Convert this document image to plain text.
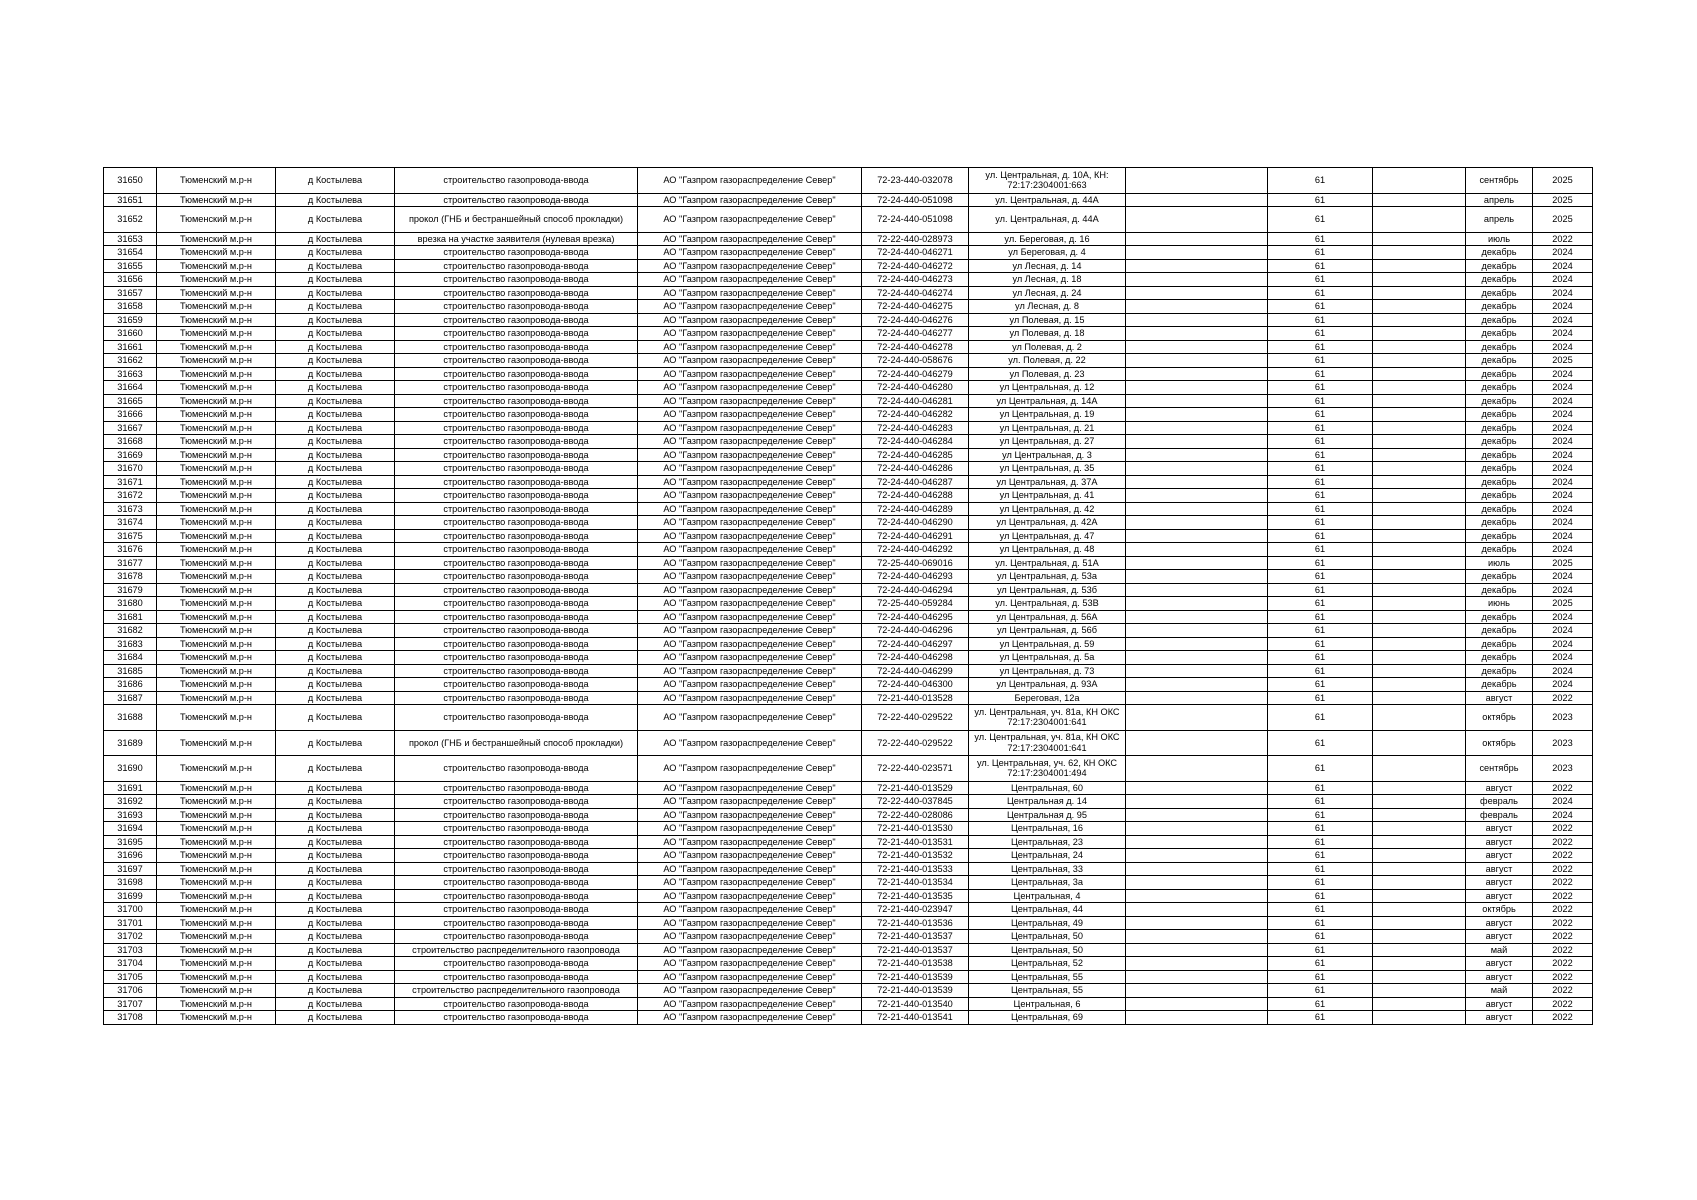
31650	Тюменский м.р-н	д Костылева	строительство газопровода-ввода	АО "Газпром газораспределение Север"	72-23-440-032078	ул. Центральная, д. 10А, КН: 72:17:2304001:663		61		сентябрь	2025
31651	Тюменский м.р-н	д Костылева	строительство газопровода-ввода	АО "Газпром газораспределение Север"	72-24-440-051098	ул. Центральная, д. 44А		61		апрель	2025
31652	Тюменский м.р-н	д Костылева	прокол (ГНБ и бестраншейный способ прокладки)	АО "Газпром газораспределение Север"	72-24-440-051098	ул. Центральная, д. 44А		61		апрель	2025
31653	Тюменский м.р-н	д Костылева	врезка на участке заявителя (нулевая врезка)	АО "Газпром газораспределение Север"	72-22-440-028973	ул. Береговая, д. 16		61		июль	2022
31654	Тюменский м.р-н	д Костылева	строительство газопровода-ввода	АО "Газпром газораспределение Север"	72-24-440-046271	ул Береговая, д. 4		61		декабрь	2024
31655	Тюменский м.р-н	д Костылева	строительство газопровода-ввода	АО "Газпром газораспределение Север"	72-24-440-046272	ул Лесная, д. 14		61		декабрь	2024
31656	Тюменский м.р-н	д Костылева	строительство газопровода-ввода	АО "Газпром газораспределение Север"	72-24-440-046273	ул Лесная, д. 18		61		декабрь	2024
31657	Тюменский м.р-н	д Костылева	строительство газопровода-ввода	АО "Газпром газораспределение Север"	72-24-440-046274	ул Лесная, д. 24		61		декабрь	2024
31658	Тюменский м.р-н	д Костылева	строительство газопровода-ввода	АО "Газпром газораспределение Север"	72-24-440-046275	ул Лесная, д. 8		61		декабрь	2024
31659	Тюменский м.р-н	д Костылева	строительство газопровода-ввода	АО "Газпром газораспределение Север"	72-24-440-046276	ул Полевая, д. 15		61		декабрь	2024
31660	Тюменский м.р-н	д Костылева	строительство газопровода-ввода	АО "Газпром газораспределение Север"	72-24-440-046277	ул Полевая, д. 18		61		декабрь	2024
31661	Тюменский м.р-н	д Костылева	строительство газопровода-ввода	АО "Газпром газораспределение Север"	72-24-440-046278	ул Полевая, д. 2		61		декабрь	2024
31662	Тюменский м.р-н	д Костылева	строительство газопровода-ввода	АО "Газпром газораспределение Север"	72-24-440-058676	ул. Полевая, д. 22		61		декабрь	2025
31663	Тюменский м.р-н	д Костылева	строительство газопровода-ввода	АО "Газпром газораспределение Север"	72-24-440-046279	ул Полевая, д. 23		61		декабрь	2024
31664	Тюменский м.р-н	д Костылева	строительство газопровода-ввода	АО "Газпром газораспределение Север"	72-24-440-046280	ул Центральная, д. 12		61		декабрь	2024
31665	Тюменский м.р-н	д Костылева	строительство газопровода-ввода	АО "Газпром газораспределение Север"	72-24-440-046281	ул Центральная, д. 14А		61		декабрь	2024
31666	Тюменский м.р-н	д Костылева	строительство газопровода-ввода	АО "Газпром газораспределение Север"	72-24-440-046282	ул Центральная, д. 19		61		декабрь	2024
31667	Тюменский м.р-н	д Костылева	строительство газопровода-ввода	АО "Газпром газораспределение Север"	72-24-440-046283	ул Центральная, д. 21		61		декабрь	2024
31668	Тюменский м.р-н	д Костылева	строительство газопровода-ввода	АО "Газпром газораспределение Север"	72-24-440-046284	ул Центральная, д. 27		61		декабрь	2024
31669	Тюменский м.р-н	д Костылева	строительство газопровода-ввода	АО "Газпром газораспределение Север"	72-24-440-046285	ул Центральная, д. 3		61		декабрь	2024
31670	Тюменский м.р-н	д Костылева	строительство газопровода-ввода	АО "Газпром газораспределение Север"	72-24-440-046286	ул Центральная, д. 35		61		декабрь	2024
31671	Тюменский м.р-н	д Костылева	строительство газопровода-ввода	АО "Газпром газораспределение Север"	72-24-440-046287	ул Центральная, д. 37А		61		декабрь	2024
31672	Тюменский м.р-н	д Костылева	строительство газопровода-ввода	АО "Газпром газораспределение Север"	72-24-440-046288	ул Центральная, д. 41		61		декабрь	2024
31673	Тюменский м.р-н	д Костылева	строительство газопровода-ввода	АО "Газпром газораспределение Север"	72-24-440-046289	ул Центральная, д. 42		61		декабрь	2024
31674	Тюменский м.р-н	д Костылева	строительство газопровода-ввода	АО "Газпром газораспределение Север"	72-24-440-046290	ул Центральная, д. 42А		61		декабрь	2024
31675	Тюменский м.р-н	д Костылева	строительство газопровода-ввода	АО "Газпром газораспределение Север"	72-24-440-046291	ул Центральная, д. 47		61		декабрь	2024
31676	Тюменский м.р-н	д Костылева	строительство газопровода-ввода	АО "Газпром газораспределение Север"	72-24-440-046292	ул Центральная, д. 48		61		декабрь	2024
31677	Тюменский м.р-н	д Костылева	строительство газопровода-ввода	АО "Газпром газораспределение Север"	72-25-440-069016	ул. Центральная, д. 51А		61		июль	2025
31678	Тюменский м.р-н	д Костылева	строительство газопровода-ввода	АО "Газпром газораспределение Север"	72-24-440-046293	ул Центральная, д. 53а		61		декабрь	2024
31679	Тюменский м.р-н	д Костылева	строительство газопровода-ввода	АО "Газпром газораспределение Север"	72-24-440-046294	ул Центральная, д. 53б		61		декабрь	2024
31680	Тюменский м.р-н	д Костылева	строительство газопровода-ввода	АО "Газпром газораспределение Север"	72-25-440-059284	ул. Центральная, д. 53В		61		июнь	2025
31681	Тюменский м.р-н	д Костылева	строительство газопровода-ввода	АО "Газпром газораспределение Север"	72-24-440-046295	ул Центральная, д. 56А		61		декабрь	2024
31682	Тюменский м.р-н	д Костылева	строительство газопровода-ввода	АО "Газпром газораспределение Север"	72-24-440-046296	ул Центральная, д. 56б		61		декабрь	2024
31683	Тюменский м.р-н	д Костылева	строительство газопровода-ввода	АО "Газпром газораспределение Север"	72-24-440-046297	ул Центральная, д. 59		61		декабрь	2024
31684	Тюменский м.р-н	д Костылева	строительство газопровода-ввода	АО "Газпром газораспределение Север"	72-24-440-046298	ул Центральная, д. 5а		61		декабрь	2024
31685	Тюменский м.р-н	д Костылева	строительство газопровода-ввода	АО "Газпром газораспределение Север"	72-24-440-046299	ул Центральная, д. 73		61		декабрь	2024
31686	Тюменский м.р-н	д Костылева	строительство газопровода-ввода	АО "Газпром газораспределение Север"	72-24-440-046300	ул Центральная, д. 93А		61		декабрь	2024
31687	Тюменский м.р-н	д Костылева	строительство газопровода-ввода	АО "Газпром газораспределение Север"	72-21-440-013528	Береговая, 12а		61		август	2022
31688	Тюменский м.р-н	д Костылева	строительство газопровода-ввода	АО "Газпром газораспределение Север"	72-22-440-029522	ул. Центральная, уч. 81а, КН ОКС 72:17:2304001:641		61		октябрь	2023
31689	Тюменский м.р-н	д Костылева	прокол (ГНБ и бестраншейный способ прокладки)	АО "Газпром газораспределение Север"	72-22-440-029522	ул. Центральная, уч. 81а, КН ОКС 72:17:2304001:641		61		октябрь	2023
31690	Тюменский м.р-н	д Костылева	строительство газопровода-ввода	АО "Газпром газораспределение Север"	72-22-440-023571	ул. Центральная, уч. 62, КН ОКС 72:17:2304001:494		61		сентябрь	2023
31691	Тюменский м.р-н	д Костылева	строительство газопровода-ввода	АО "Газпром газораспределение Север"	72-21-440-013529	Центральная, 60		61		август	2022
31692	Тюменский м.р-н	д Костылева	строительство газопровода-ввода	АО "Газпром газораспределение Север"	72-22-440-037845	Центральная д. 14		61		февраль	2024
31693	Тюменский м.р-н	д Костылева	строительство газопровода-ввода	АО "Газпром газораспределение Север"	72-22-440-028086	Центральная д. 95		61		февраль	2024
31694	Тюменский м.р-н	д Костылева	строительство газопровода-ввода	АО "Газпром газораспределение Север"	72-21-440-013530	Центральная, 16		61		август	2022
31695	Тюменский м.р-н	д Костылева	строительство газопровода-ввода	АО "Газпром газораспределение Север"	72-21-440-013531	Центральная, 23		61		август	2022
31696	Тюменский м.р-н	д Костылева	строительство газопровода-ввода	АО "Газпром газораспределение Север"	72-21-440-013532	Центральная, 24		61		август	2022
31697	Тюменский м.р-н	д Костылева	строительство газопровода-ввода	АО "Газпром газораспределение Север"	72-21-440-013533	Центральная, 33		61		август	2022
31698	Тюменский м.р-н	д Костылева	строительство газопровода-ввода	АО "Газпром газораспределение Север"	72-21-440-013534	Центральная, 3а		61		август	2022
31699	Тюменский м.р-н	д Костылева	строительство газопровода-ввода	АО "Газпром газораспределение Север"	72-21-440-013535	Центральная, 4		61		август	2022
31700	Тюменский м.р-н	д Костылева	строительство газопровода-ввода	АО "Газпром газораспределение Север"	72-21-440-023947	Центральная, 44		61		октябрь	2022
31701	Тюменский м.р-н	д Костылева	строительство газопровода-ввода	АО "Газпром газораспределение Север"	72-21-440-013536	Центральная, 49		61		август	2022
31702	Тюменский м.р-н	д Костылева	строительство газопровода-ввода	АО "Газпром газораспределение Север"	72-21-440-013537	Центральная, 50		61		август	2022
31703	Тюменский м.р-н	д Костылева	строительство распределительного газопровода	АО "Газпром газораспределение Север"	72-21-440-013537	Центральная, 50		61		май	2022
31704	Тюменский м.р-н	д Костылева	строительство газопровода-ввода	АО "Газпром газораспределение Север"	72-21-440-013538	Центральная, 52		61		август	2022
31705	Тюменский м.р-н	д Костылева	строительство газопровода-ввода	АО "Газпром газораспределение Север"	72-21-440-013539	Центральная, 55		61		август	2022
31706	Тюменский м.р-н	д Костылева	строительство распределительного газопровода	АО "Газпром газораспределение Север"	72-21-440-013539	Центральная, 55		61		май	2022
31707	Тюменский м.р-н	д Костылева	строительство газопровода-ввода	АО "Газпром газораспределение Север"	72-21-440-013540	Центральная, 6		61		август	2022
31708	Тюменский м.р-н	д Костылева	строительство газопровода-ввода	АО "Газпром газораспределение Север"	72-21-440-013541	Центральная, 69		61		август	2022
